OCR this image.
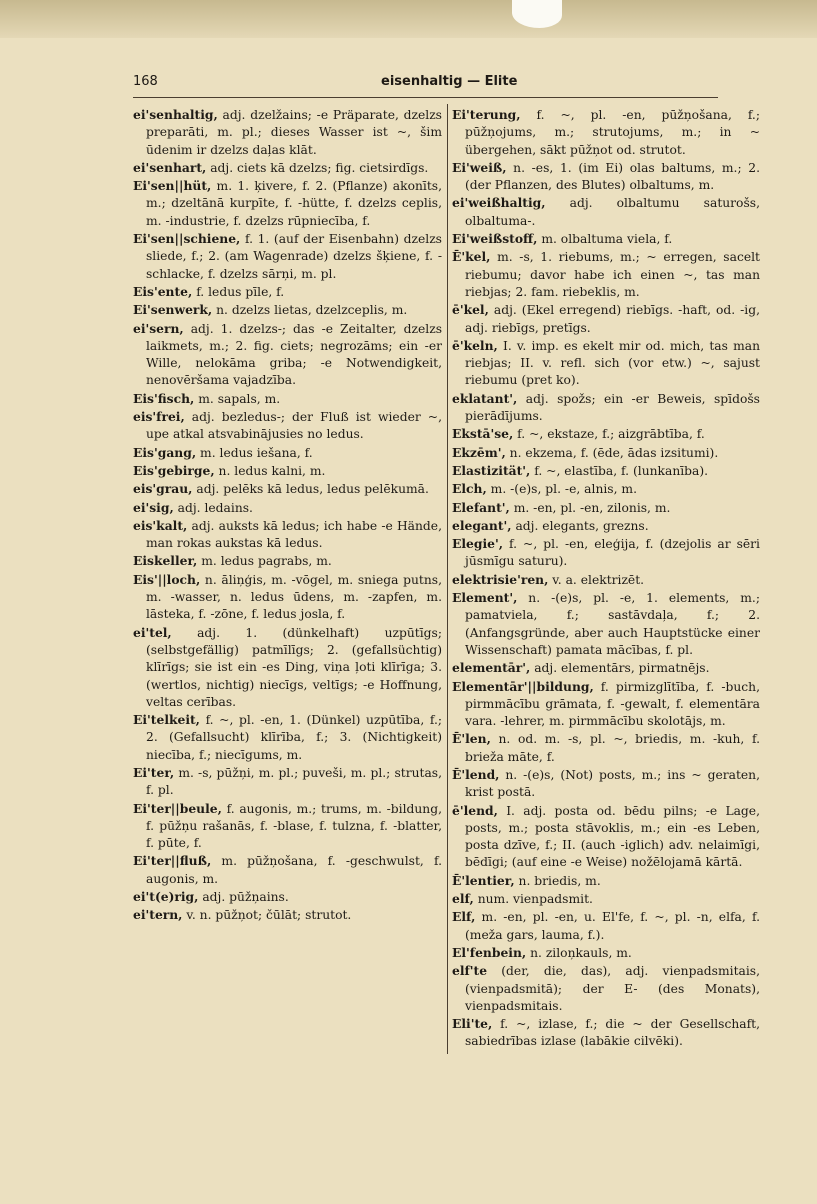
168	eisenhaltig — Elite

ei'senhaltig, adj. dzelžains; -e Präparate, dzelzs preparāti, m. pl.; dieses Wasser ist ~, šim ūdenim ir dzelzs daļas klāt.

ei'senhart, adj. ciets kā dzelzs; fig. cietsirdīgs.

Ei'sen||hüt, m. 1. ķivere, f. 2. (Pflanze) akonīts, m.; dzeltānā kurpīte, f. -hütte, f. dzelzs ceplis, m. -industrie, f. dzelzs rūpniecība, f.

Ei'sen||schiene, f. 1. (auf der Eisenbahn) dzelzs sliede, f.; 2. (am Wagenrade) dzelzs šķiene, f. -schlacke, f. dzelzs sārņi, m. pl.

Eis'ente, f. ledus pīle, f.

Ei'senwerk, n. dzelzs lietas, dzelzceplis, m.

ei'sern, adj. 1. dzelzs-; das -e Zeitalter, dzelzs laikmets, m.; 2. fig. ciets; negrozāms; ein -er Wille, nelokāma griba; -e Notwendigkeit, nenovēršama vajadzība.

Eis'fisch, m. sapals, m.

eis'frei, adj. bezledus-; der Fluß ist wieder ~, upe atkal atsvabinājusies no ledus.

Eis'gang, m. ledus iešana, f.

Eis'gebirge, n. ledus kalni, m.

eis'grau, adj. pelēks kā ledus, ledus pelēkumā.

ei'sig, adj. ledains.

eis'kalt, adj. auksts kā ledus; ich habe -e Hände, man rokas aukstas kā ledus.

Eiskeller, m. ledus pagrabs, m.

Eis'||loch, n. āliņģis, m. -vōgel, m. sniega putns, m. -wasser, n. ledus ūdens, m. -zapfen, m. lāsteka, f. -zōne, f. ledus josla, f.

ei'tel, adj. 1. (dünkelhaft) uzpūtīgs; (selbstgefällig) patmīlīgs; 2. (gefallsüchtig) klīrīgs; sie ist ein -es Ding, viņa ļoti klīrīga; 3. (wertlos, nichtig) niecīgs, veltīgs; -e Hoffnung, veltas cerības.

Ei'telkeit, f. ~, pl. -en, 1. (Dünkel) uzpūtība, f.; 2. (Gefallsucht) klīrība, f.; 3. (Nichtigkeit) niecība, f.; niecīgums, m.

Ei'ter, m. -s, pūžņi, m. pl.; puveši, m. pl.; strutas, f. pl.

Ei'ter||beule, f. augonis, m.; trums, m. -bildung, f. pūžņu rašanās, f. -blase, f. tulzna, f. -blatter, f. pūte, f.

Ei'ter||fluß, m. pūžņošana, f. -geschwulst, f. augonis, m.

ei't(e)rig, adj. pūžņains.

ei'tern, v. n. pūžņot; čūlāt; strutot.

Ei'terung, f. ~, pl. -en, pūžņošana, f.; pūžņojums, m.; strutojums, m.; in ~ übergehen, sākt pūžņot od. strutot.

Ei'weiß, n. -es, 1. (im Ei) olas baltums, m.; 2. (der Pflanzen, des Blutes) olbaltums, m.

ei'weißhaltig, adj. olbaltumu saturošs, olbaltuma-.

Ei'weißstoff, m. olbaltuma viela, f.

Ē'kel, m. -s, 1. riebums, m.; ~ erregen, sacelt riebumu; davor habe ich einen ~, tas man riebjas; 2. fam. riebeklis, m.

ē'kel, adj. (Ekel erregend) riebīgs. -haft, od. -ig, adj. riebīgs, pretīgs.

ē'keln, I. v. imp. es ekelt mir od. mich, tas man riebjas; II. v. refl. sich (vor etw.) ~, sajust riebumu (pret ko).

eklatant', adj. spožs; ein -er Beweis, spīdošs pierādījums.

Ekstā'se, f. ~, ekstaze, f.; aizgrābtība, f.

Ekzēm', n. ekzema, f. (ēde, ādas izsitumi).

Elastizität', f. ~, elastība, f. (lunkanība).

Elch, m. -(e)s, pl. -e, alnis, m.

Elefant', m. -en, pl. -en, zilonis, m.

elegant', adj. elegants, grezns.

Elegie', f. ~, pl. -en, eleģija, f. (dzejolis ar sēri jūsmīgu saturu).

elektrisie'ren, v. a. elektrizēt.

Element', n. -(e)s, pl. -e, 1. elements, m.; pamatviela, f.; sastāvdaļa, f.; 2. (Anfangsgründe, aber auch Hauptstücke einer Wissenschaft) pamata mācības, f. pl.

elementār', adj. elementārs, pirmatnējs.

Elementār'||bildung, f. pirmizglītība, f. -buch, pirmmācību grāmata, f. -gewalt, f. elementāra vara. -lehrer, m. pirmmācību skolotājs, m.

Ē'len, n. od. m. -s, pl. ~, briedis, m. -kuh, f. brieža māte, f.

Ē'lend, n. -(e)s, (Not) posts, m.; ins ~ geraten, krist postā.

ē'lend, I. adj. posta od. bēdu pilns; -e Lage, posts, m.; posta stāvoklis, m.; ein -es Leben, posta dzīve, f.; II. (auch -iglich) adv. nelaimīgi, bēdīgi; (auf eine -e Weise) nožēlojamā kārtā.

Ē'lentier, n. briedis, m.

elf, num. vienpadsmit.

Elf, m. -en, pl. -en, u. El'fe, f. ~, pl. -n, elfa, f. (meža gars, lauma, f.).

El'fenbein, n. ziloņkauls, m.

elf'te (der, die, das), adj. vienpadsmitais, (vienpadsmitā); der E- (des Monats), vienpadsmitais.

Eli'te, f. ~, izlase, f.; die ~ der Gesellschaft, sabiedrības izlase (labākie cilvēki).
